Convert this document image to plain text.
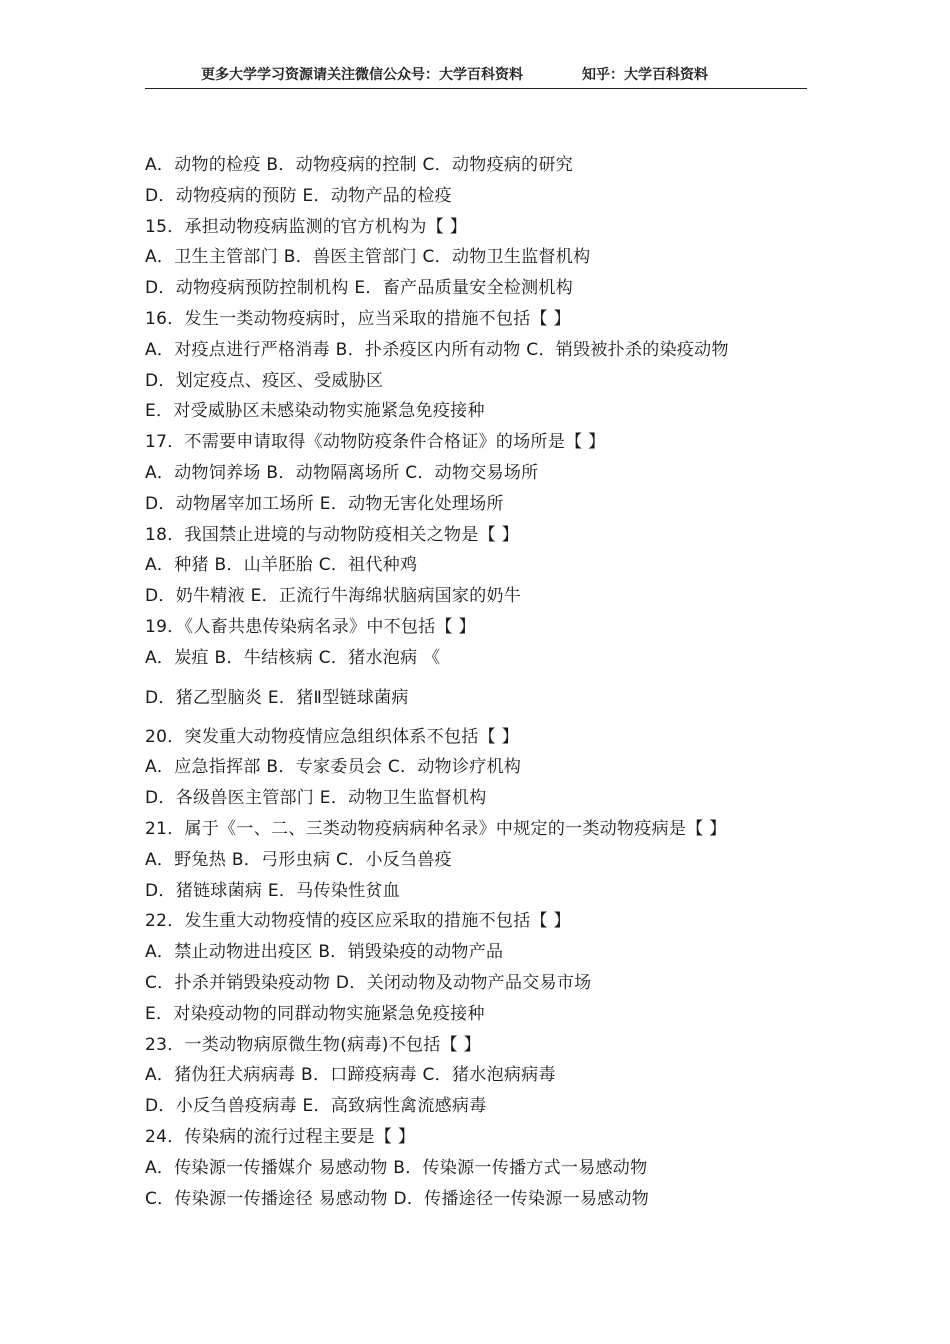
更多大学学习资源请关注微信公众号：大学百科资料	知乎：大学百科资料
A．动物的检疫 B．动物疫病的控制 C．动物疫病的研究
D．动物疫病的预防 E．动物产品的检疫
15．承担动物疫病监测的官方机构为【 】
A．卫生主管部门 B．兽医主管部门 C．动物卫生监督机构
D．动物疫病预防控制机构 E．畜产品质量安全检测机构
16．发生一类动物疫病时，应当采取的措施不包括【 】
A．对疫点进行严格消毒 B．扑杀疫区内所有动物 C．销毁被扑杀的染疫动物
D．划定疫点、疫区、受威胁区
E．对受威胁区未感染动物实施紧急免疫接种
17．不需要申请取得《动物防疫条件合格证》的场所是【 】
A．动物饲养场 B．动物隔离场所 C．动物交易场所
D．动物屠宰加工场所 E．动物无害化处理场所
18．我国禁止进境的与动物防疫相关之物是【 】
A．种猪 B．山羊胚胎 C．祖代种鸡
D．奶牛精液 E．正流行牛海绵状脑病国家的奶牛
19．《人畜共患传染病名录》中不包括【 】
A．炭疽 B．牛结核病 C．猪水泡病 《
D．猪乙型脑炎 E．猪Ⅱ型链球菌病
20．突发重大动物疫情应急组织体系不包括【 】
A．应急指挥部 B．专家委员会 C．动物诊疗机构
D．各级兽医主管部门 E．动物卫生监督机构
21．属于《一、二、三类动物疫病病种名录》中规定的一类动物疫病是【 】
A．野兔热 B．弓形虫病 C．小反刍兽疫
D．猪链球菌病 E．马传染性贫血
22．发生重大动物疫情的疫区应采取的措施不包括【 】
A．禁止动物进出疫区 B．销毁染疫的动物产品
C．扑杀并销毁染疫动物 D．关闭动物及动物产品交易市场
E．对染疫动物的同群动物实施紧急免疫接种
23．一类动物病原微生物(病毒)不包括【 】
A．猪伪狂犬病病毒 B．口蹄疫病毒 C．猪水泡病病毒
D．小反刍兽疫病毒 E．高致病性禽流感病毒
24．传染病的流行过程主要是【 】
A．传染源一传播媒介 易感动物 B．传染源一传播方式一易感动物
C．传染源一传播途径 易感动物 D．传播途径一传染源一易感动物
